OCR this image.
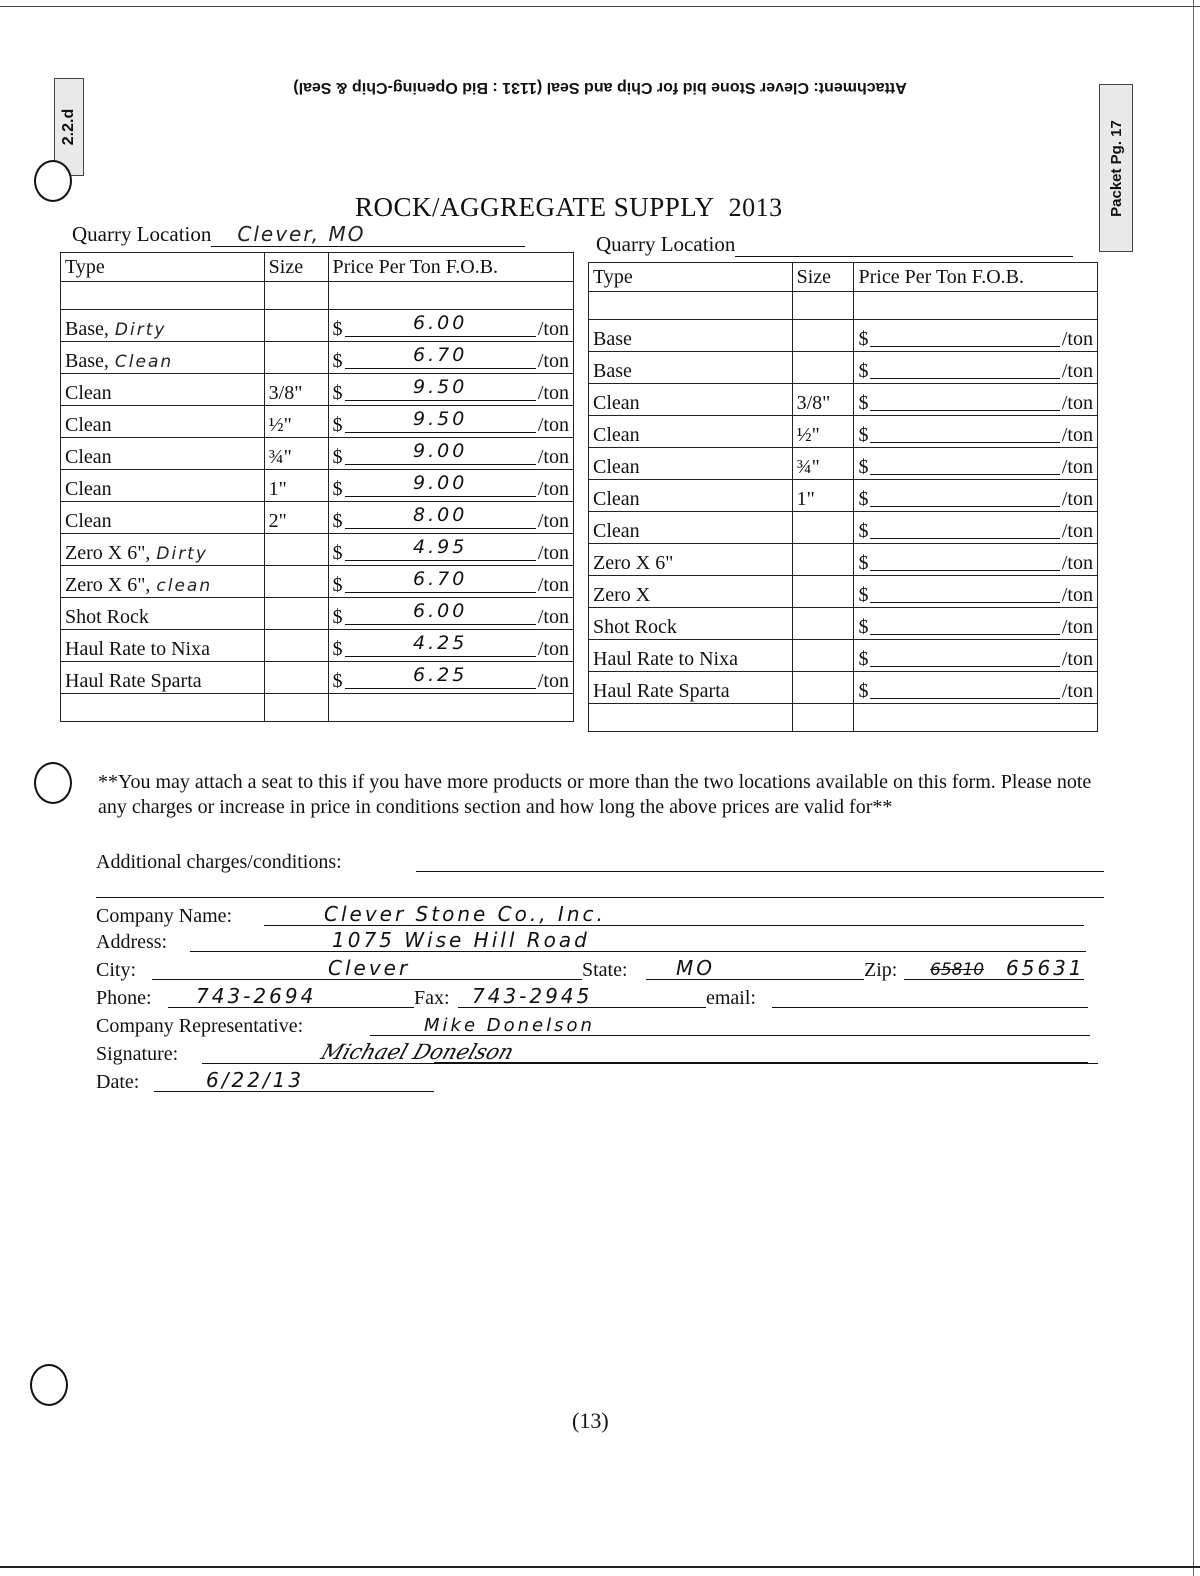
Attachment: Clever Stone bid for Chip and Seal (1131 : Bid Opening-Chip & Seal)
2.2.d	Packet Pg. 17
ROCK/AGGREGATE SUPPLY 2013
Quarry Location Clever, MO	Quarry Location
Type	Size	Price Per Ton F.O.B.

Base, Dirty		$ 6.00 /ton

Base, Clean		$ 6.70 /ton

Clean	3/8"	$ 9.50 /ton

Clean	½"	$ 9.50 /ton

Clean	¾"	$ 9.00 /ton

Clean	1"	$ 9.00 /ton

Clean	2"	$ 8.00 /ton

Zero X 6", Dirty		$ 4.95 /ton

Zero X 6", clean		$ 6.70 /ton

Shot Rock		$ 6.00 /ton

Haul Rate to Nixa		$ 4.25 /ton

Haul Rate Sparta		$ 6.25 /ton

Type	Size	Price Per Ton F.O.B.

Base		$ /ton

Base		$ /ton

Clean	3/8"	$ /ton

Clean	½"	$ /ton

Clean	¾"	$ /ton

Clean	1"	$ /ton

Clean		$ /ton

Zero X 6"		$ /ton

Zero X		$ /ton

Shot Rock		$ /ton

Haul Rate to Nixa		$ /ton

Haul Rate Sparta		$ /ton

**You may attach a seat to this if you have more products or more than the two locations available on this form. Please note any charges or increase in price in conditions section and how long the above prices are valid for**
Additional charges/conditions:
Company Name:	Clever Stone Co., Inc.
Address:	1075 Wise Hill Road
City:	Clever	State: MO	Zip: 65810 65631
Phone: 743-2694	Fax: 743-2945	email:
Company Representative:	Mike Donelson
Signature:	Michael Donelson
Date:	6/22/13
(13)
